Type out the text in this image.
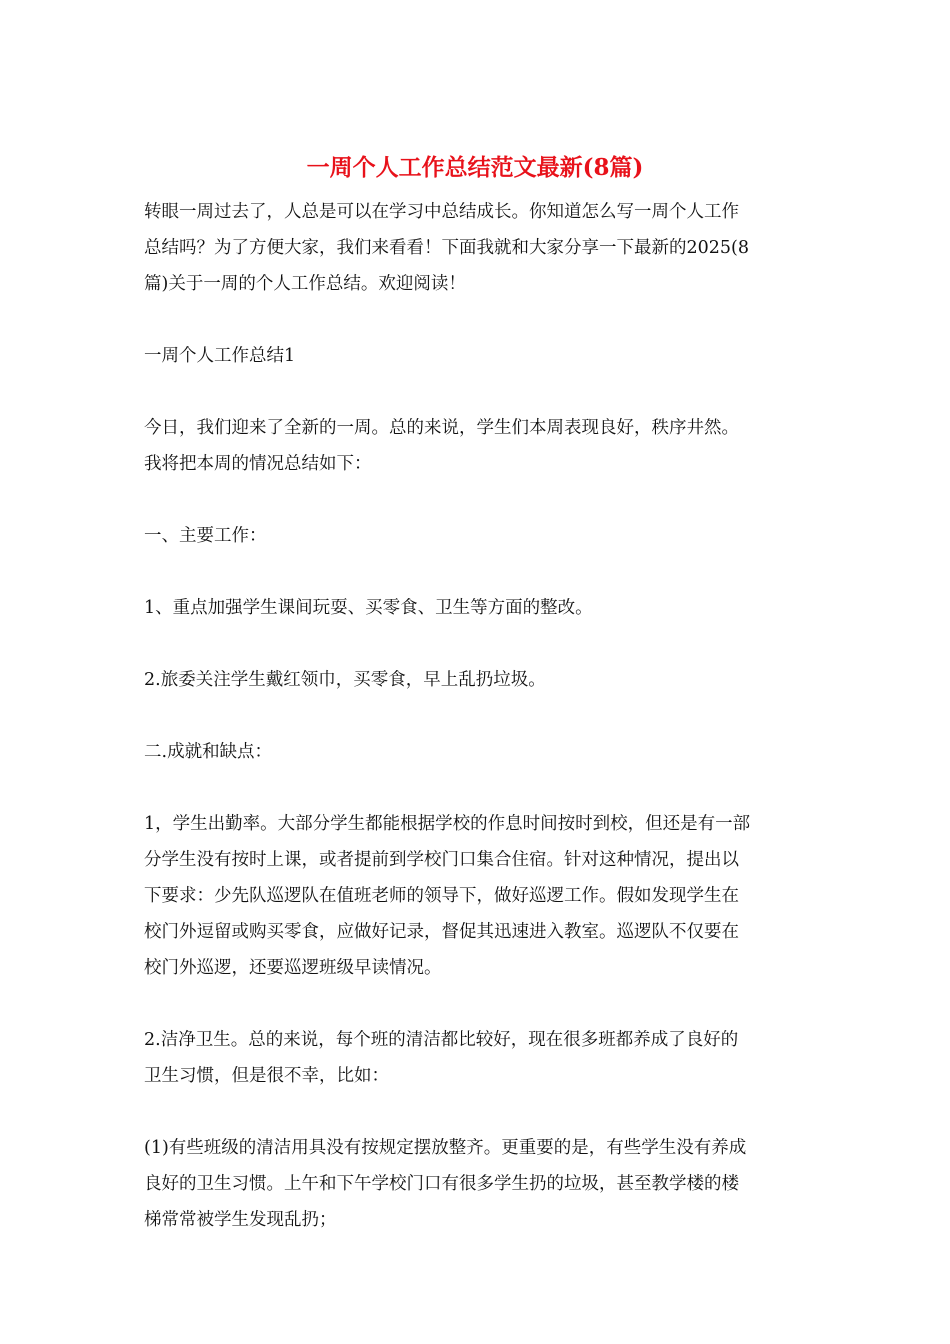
一周个人工作总结范文最新(8篇)

转眼一周过去了，人总是可以在学习中总结成长。你知道怎么写一周个人工作
总结吗？为了方便大家，我们来看看！下面我就和大家分享一下最新的2025(8
篇)关于一周的个人工作总结。欢迎阅读！

一周个人工作总结1

今日，我们迎来了全新的一周。总的来说，学生们本周表现良好，秩序井然。
我将把本周的情况总结如下：

一、主要工作：

1、重点加强学生课间玩耍、买零食、卫生等方面的整改。

2.旅委关注学生戴红领巾，买零食，早上乱扔垃圾。

二.成就和缺点：

1，学生出勤率。大部分学生都能根据学校的作息时间按时到校，但还是有一部
分学生没有按时上课，或者提前到学校门口集合住宿。针对这种情况，提出以
下要求：少先队巡逻队在值班老师的领导下，做好巡逻工作。假如发现学生在
校门外逗留或购买零食，应做好记录，督促其迅速进入教室。巡逻队不仅要在
校门外巡逻，还要巡逻班级早读情况。

2.洁净卫生。总的来说，每个班的清洁都比较好，现在很多班都养成了良好的
卫生习惯，但是很不幸，比如：

(1)有些班级的清洁用具没有按规定摆放整齐。更重要的是，有些学生没有养成
良好的卫生习惯。上午和下午学校门口有很多学生扔的垃圾，甚至教学楼的楼
梯常常被学生发现乱扔；
